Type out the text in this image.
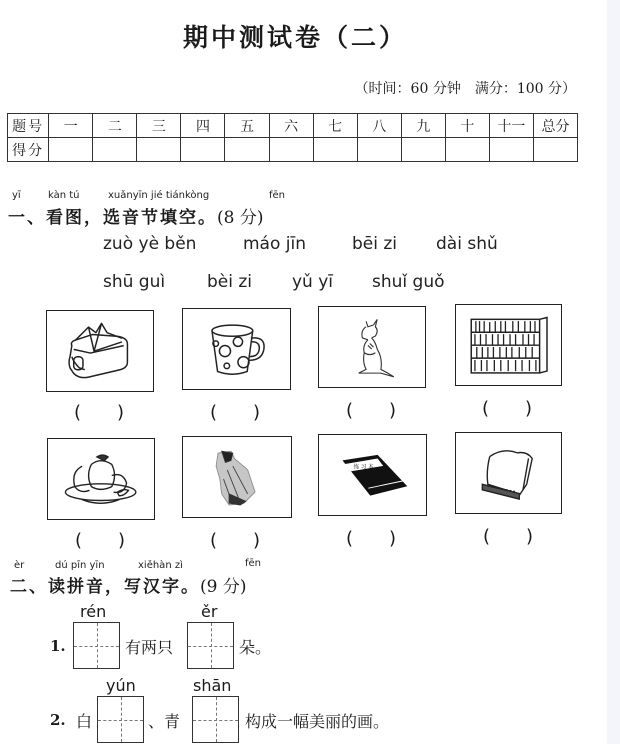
期中测试卷（二）
（时间：60 分钟　满分：100 分）
题号	一	二	三	四	五	六	七	八	九	十	十一	总分
得分												
yī	kàn tú	xuǎnyīn jié tiánkòng	fēn
一、看图，选音节填空。(8 分)
zuò yè běn	máo jīn	bēi zi dài shǔ
shū guì bèi zi yǔ yī shuǐ guǒ
(　　)	(　　)	(　　)	(　　)
练 习 本
(　　)	(　　)	(　　)	(　　)
èr	dú pīn yīn	xiěhàn zì	fēn
二、读拼音，写汉字。(9 分)
rén	ěr
1.	有两只	朵。
yún	shān
2. 白	、青	构成一幅美丽的画。
